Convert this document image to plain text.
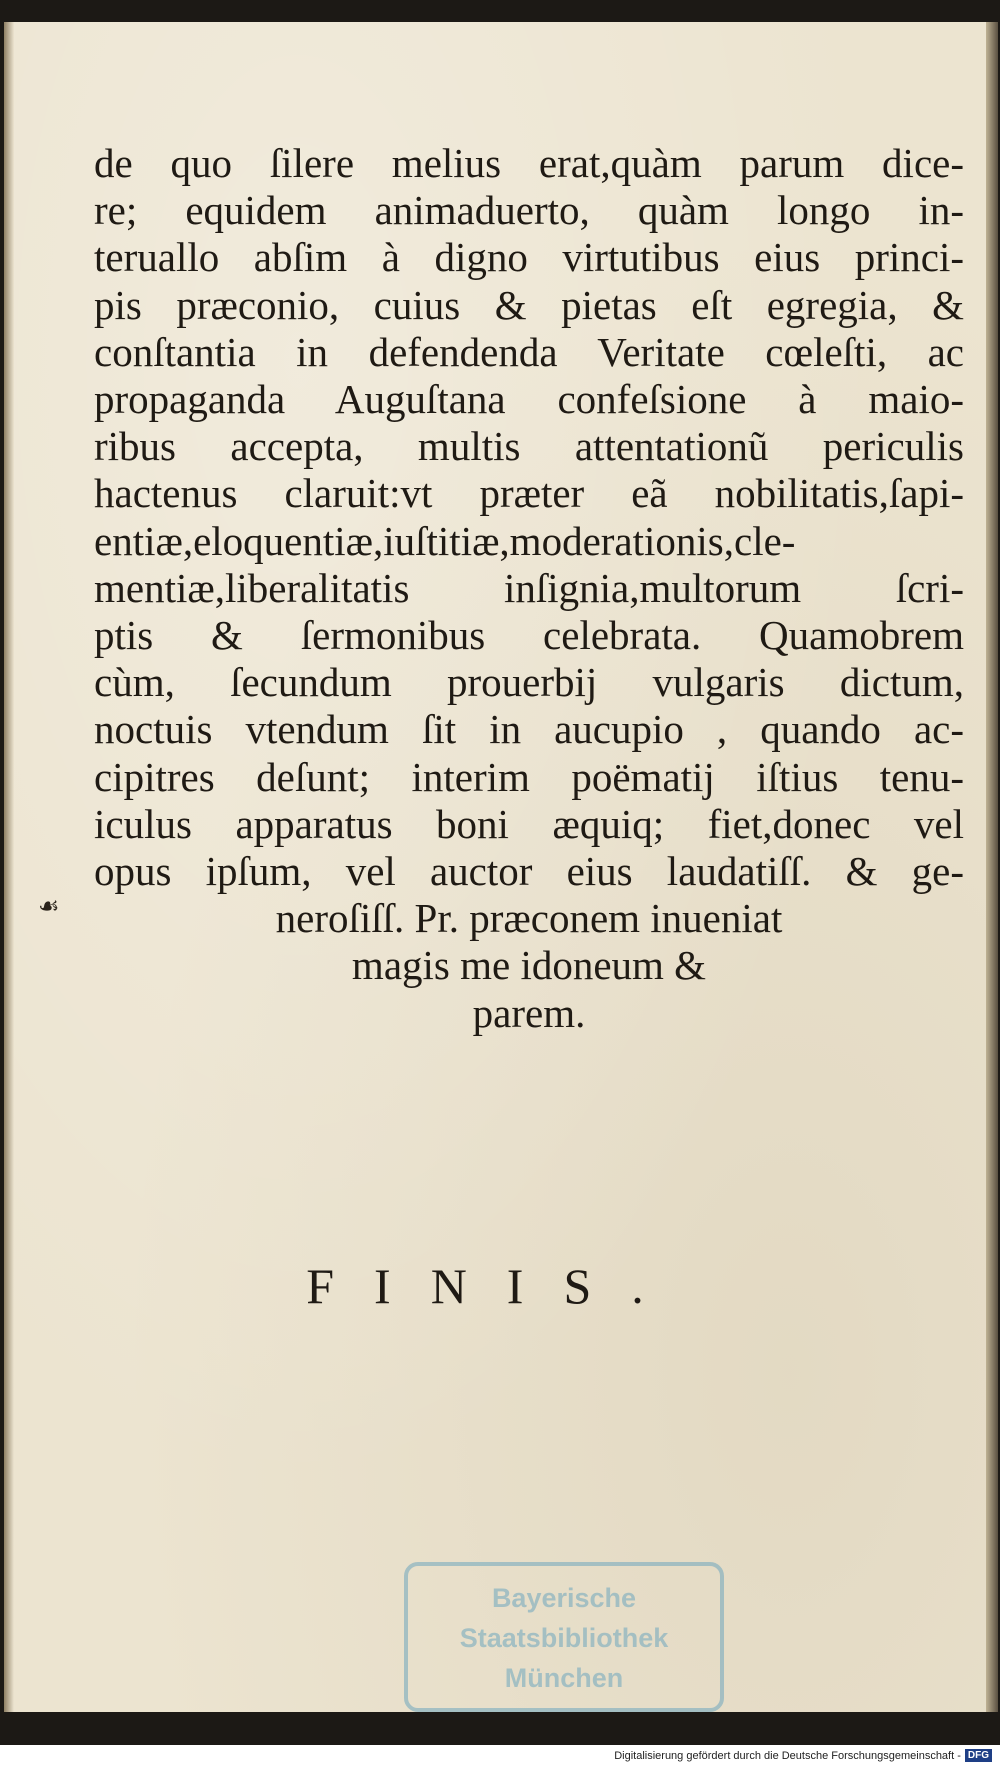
de quo ſilere melius erat,quàm parum dice-
re; equidem animaduerto, quàm longo in-
teruallo abſim à digno virtutibus eius princi-
pis præconio, cuius & pietas eſt egregia, &
conſtantia in defendenda Veritate cœleſti, ac
propaganda Auguſtana confeſsione à maio-
ribus accepta, multis attentationũ periculis
hactenus claruit:vt præter eã nobilitatis,ſapi-
entiæ,eloquentiæ,iuſtitiæ,moderationis,cle-
mentiæ,liberalitatis inſignia,multorum ſcri-
ptis & ſermonibus celebrata. Quamobrem
cùm, ſecundum prouerbij vulgaris dictum,
noctuis vtendum ſit in aucupio , quando ac-
cipitres deſunt; interim poëmatij iſtius tenu-
iculus apparatus boni æquiq; fiet,donec vel
opus ipſum, vel auctor eius laudatiſſ. & ge-
neroſiſſ. Pr. præconem inueniat
magis me idoneum &
parem.
☙
FINIS.
Bayerische
Staatsbibliothek
München
Digitalisierung gefördert durch die Deutsche Forschungsgemeinschaft - DFG
